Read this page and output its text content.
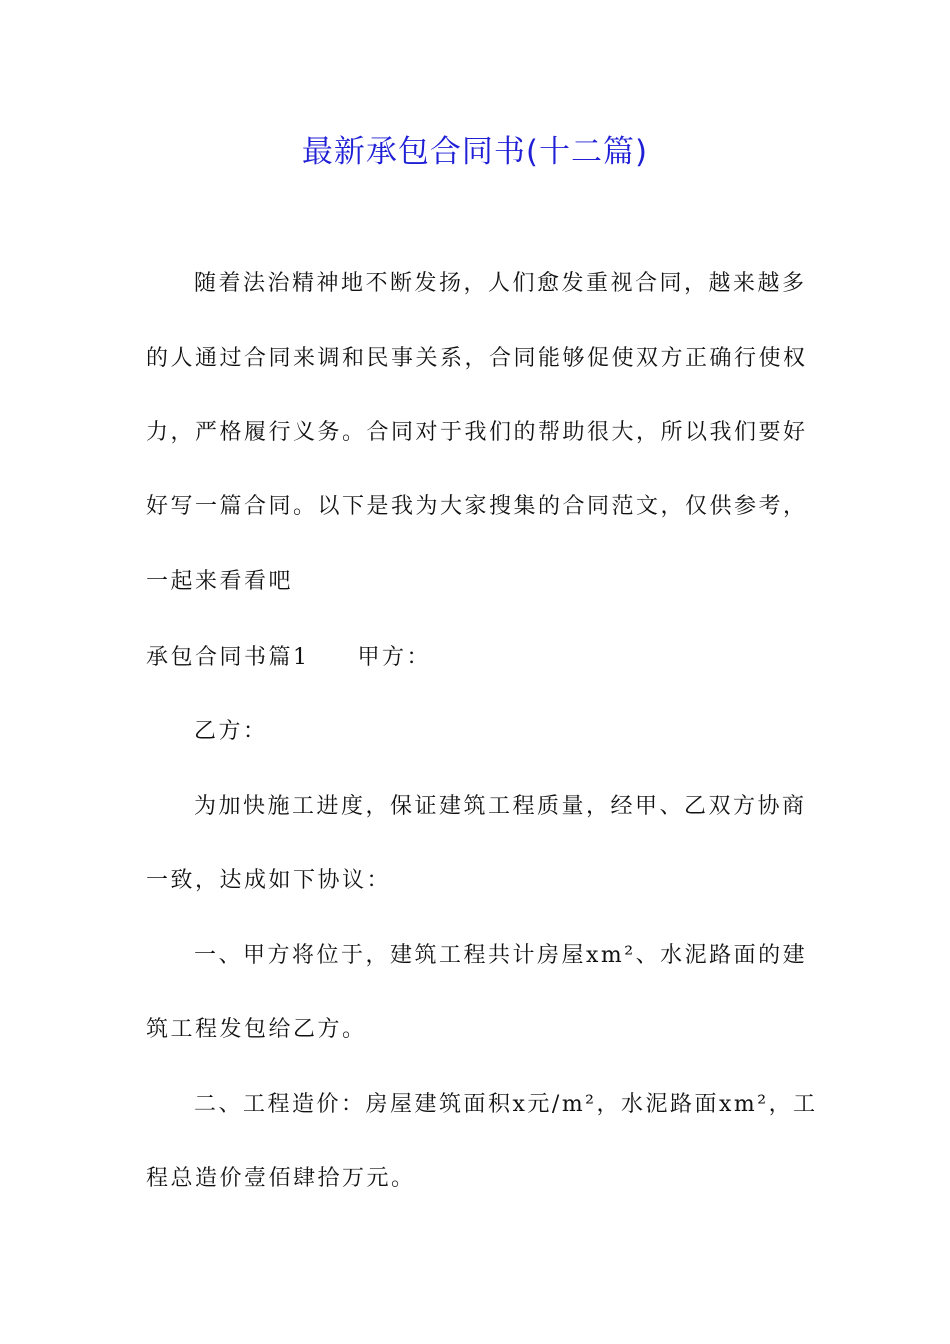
最新承包合同书(十二篇)
随着法治精神地不断发扬，人们愈发重视合同，越来越多
的人通过合同来调和民事关系，合同能够促使双方正确行使权
力，严格履行义务。合同对于我们的帮助很大，所以我们要好
好写一篇合同。以下是我为大家搜集的合同范文，仅供参考，
一起来看看吧
承包合同书篇1 甲方：
乙方：
为加快施工进度，保证建筑工程质量，经甲、乙双方协商
一致，达成如下协议：
一、甲方将位于，建筑工程共计房屋xm²、水泥路面的建
筑工程发包给乙方。
二、工程造价：房屋建筑面积x元/m²，水泥路面xm²，工
程总造价壹佰肆拾万元。
